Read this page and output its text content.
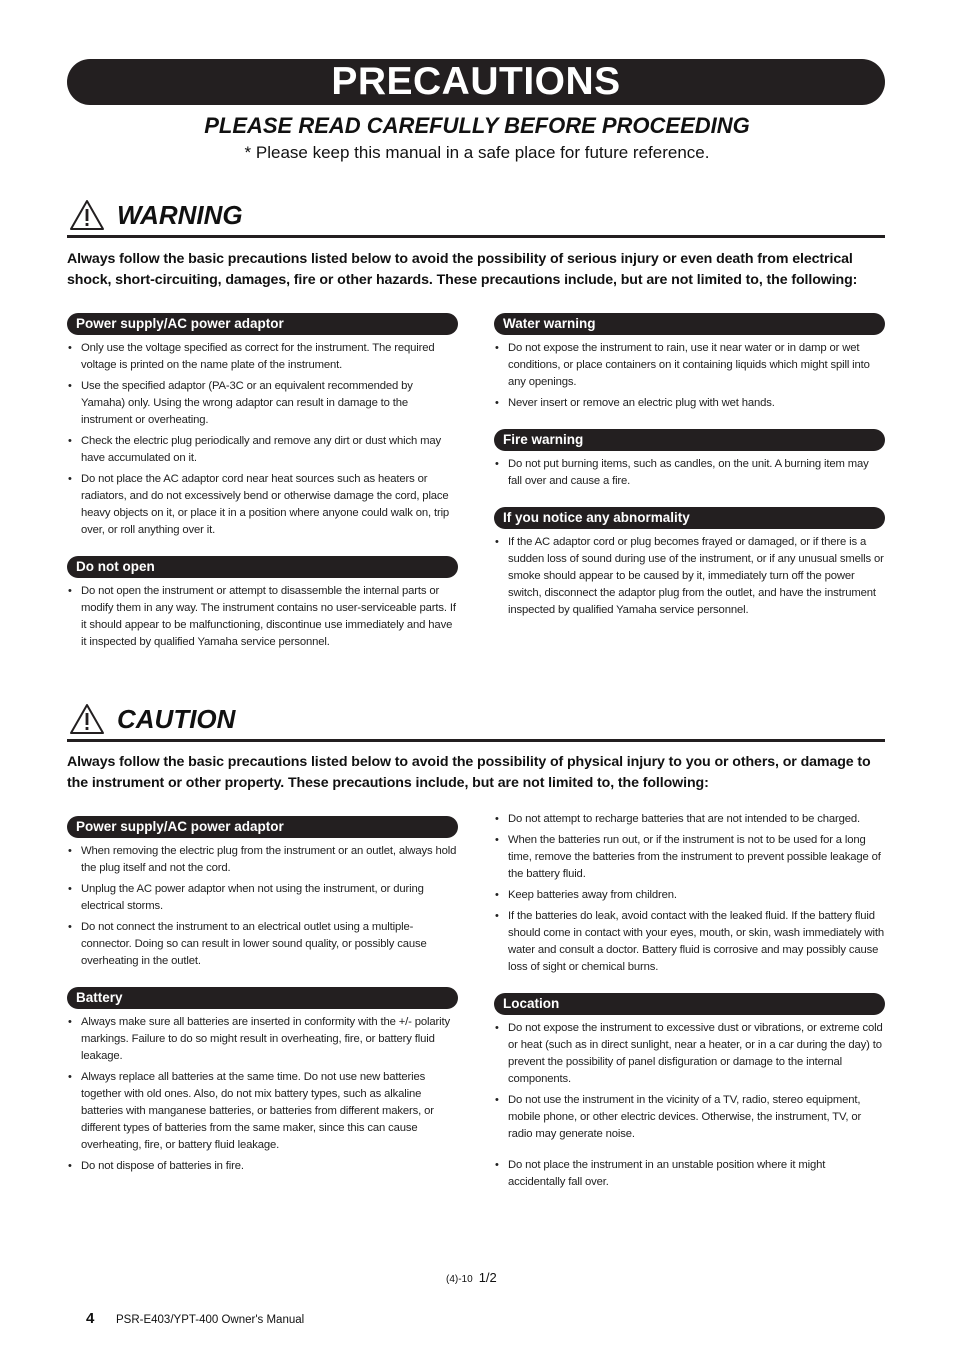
PRECAUTIONS
PLEASE READ CAREFULLY BEFORE PROCEEDING
* Please keep this manual in a safe place for future reference.
WARNING
Always follow the basic precautions listed below to avoid the possibility of serious injury or even death from electrical shock, short-circuiting, damages, fire or other hazards. These precautions include, but are not limited to, the following:
Power supply/AC power adaptor
• Only use the voltage specified as correct for the instrument. The required voltage is printed on the name plate of the instrument.
• Use the specified adaptor (PA-3C or an equivalent recommended by Yamaha) only. Using the wrong adaptor can result in damage to the instrument or overheating.
• Check the electric plug periodically and remove any dirt or dust which may have accumulated on it.
• Do not place the AC adaptor cord near heat sources such as heaters or radiators, and do not excessively bend or otherwise damage the cord, place heavy objects on it, or place it in a position where anyone could walk on, trip over, or roll anything over it.
Do not open
• Do not open the instrument or attempt to disassemble the internal parts or modify them in any way. The instrument contains no user-serviceable parts. If it should appear to be malfunctioning, discontinue use immediately and have it inspected by qualified Yamaha service personnel.
Water warning
• Do not expose the instrument to rain, use it near water or in damp or wet conditions, or place containers on it containing liquids which might spill into any openings.
• Never insert or remove an electric plug with wet hands.
Fire warning
• Do not put burning items, such as candles, on the unit. A burning item may fall over and cause a fire.
If you notice any abnormality
• If the AC adaptor cord or plug becomes frayed or damaged, or if there is a sudden loss of sound during use of the instrument, or if any unusual smells or smoke should appear to be caused by it, immediately turn off the power switch, disconnect the adaptor plug from the outlet, and have the instrument inspected by qualified Yamaha service personnel.
CAUTION
Always follow the basic precautions listed below to avoid the possibility of physical injury to you or others, or damage to the instrument or other property. These precautions include, but are not limited to, the following:
Power supply/AC power adaptor
• When removing the electric plug from the instrument or an outlet, always hold the plug itself and not the cord.
• Unplug the AC power adaptor when not using the instrument, or during electrical storms.
• Do not connect the instrument to an electrical outlet using a multiple-connector. Doing so can result in lower sound quality, or possibly cause overheating in the outlet.
Battery
• Always make sure all batteries are inserted in conformity with the +/- polarity markings. Failure to do so might result in overheating, fire, or battery fluid leakage.
• Always replace all batteries at the same time. Do not use new batteries together with old ones. Also, do not mix battery types, such as alkaline batteries with manganese batteries, or batteries from different makers, or different types of batteries from the same maker, since this can cause overheating, fire, or battery fluid leakage.
• Do not dispose of batteries in fire.
• Do not attempt to recharge batteries that are not intended to be charged.
• When the batteries run out, or if the instrument is not to be used for a long time, remove the batteries from the instrument to prevent possible leakage of the battery fluid.
• Keep batteries away from children.
• If the batteries do leak, avoid contact with the leaked fluid. If the battery fluid should come in contact with your eyes, mouth, or skin, wash immediately with water and consult a doctor. Battery fluid is corrosive and may possibly cause loss of sight or chemical burns.
Location
• Do not expose the instrument to excessive dust or vibrations, or extreme cold or heat (such as in direct sunlight, near a heater, or in a car during the day) to prevent the possibility of panel disfiguration or damage to the internal components.
• Do not use the instrument in the vicinity of a TV, radio, stereo equipment, mobile phone, or other electric devices. Otherwise, the instrument, TV, or radio may generate noise.
• Do not place the instrument in an unstable position where it might accidentally fall over.
(4)-10 1/2
4 PSR-E403/YPT-400 Owner's Manual
